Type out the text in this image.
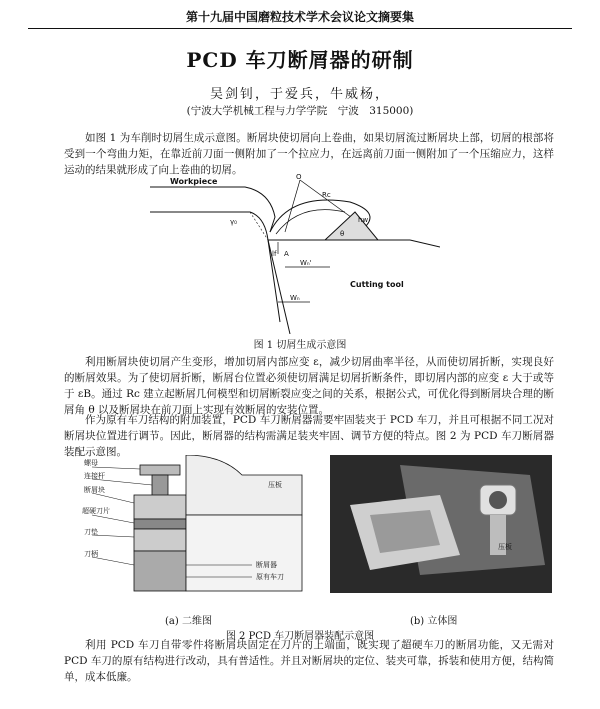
第十九届中国磨粒技术学术会议论文摘要集
PCD 车刀断屑器的研制
吴剑钊，于爱兵，牛威杨，
(宁波大学机械工程与力学学院　宁波　315000)

如图 1 为车削时切屑生成示意图。断屑块使切屑向上卷曲，如果切屑流过断屑块上部，切屑的根部将受到一个弯曲力矩，在靠近前刀面一侧附加了一个拉应力，在远离前刀面一侧附加了一个压缩应力，这样运动的结果就形成了向上卷曲的切屑。

Workpiece
Cutting tool
O
Rc
hw
θ
γ₀
lf A
Wₙ'
Wₙ
图 1 切屑生成示意图

利用断屑块使切屑产生变形，增加切屑内部应变 ε，减少切屑曲率半径，从而使切屑折断，实现良好的断屑效果。为了使切屑折断，断屑台位置必须使切屑满足切屑折断条件，即切屑内部的应变 ε 大于或等于 εB。通过 Rc 建立起断屑几何模型和切屑断裂应变之间的关系，根据公式，可优化得到断屑块合理的断屑角 θ 以及断屑块在前刀面上实现有效断屑的安装位置。

作为原有车刀结构的附加装置，PCD 车刀断屑器需要牢固装夹于 PCD 车刀，并且可根据不同工况对断屑块位置进行调节。因此，断屑器的结构需满足装夹牢固、调节方便的特点。图 2 为 PCD 车刀断屑器装配示意图。

螺母
连接杆
断屑块
超硬刀片
刀垫
刀柄
压板
断屑器
原有车刀
压板
(a) 二维图	(b) 立体图
图 2 PCD 车刀断屑器装配示意图

利用 PCD 车刀自带零件将断屑块固定在刀片的上端面，既实现了超硬车刀的断屑功能，又无需对 PCD 车刀的原有结构进行改动，具有普适性。并且对断屑块的定位、装夹可靠，拆装和使用方便，结构简单，成本低廉。
